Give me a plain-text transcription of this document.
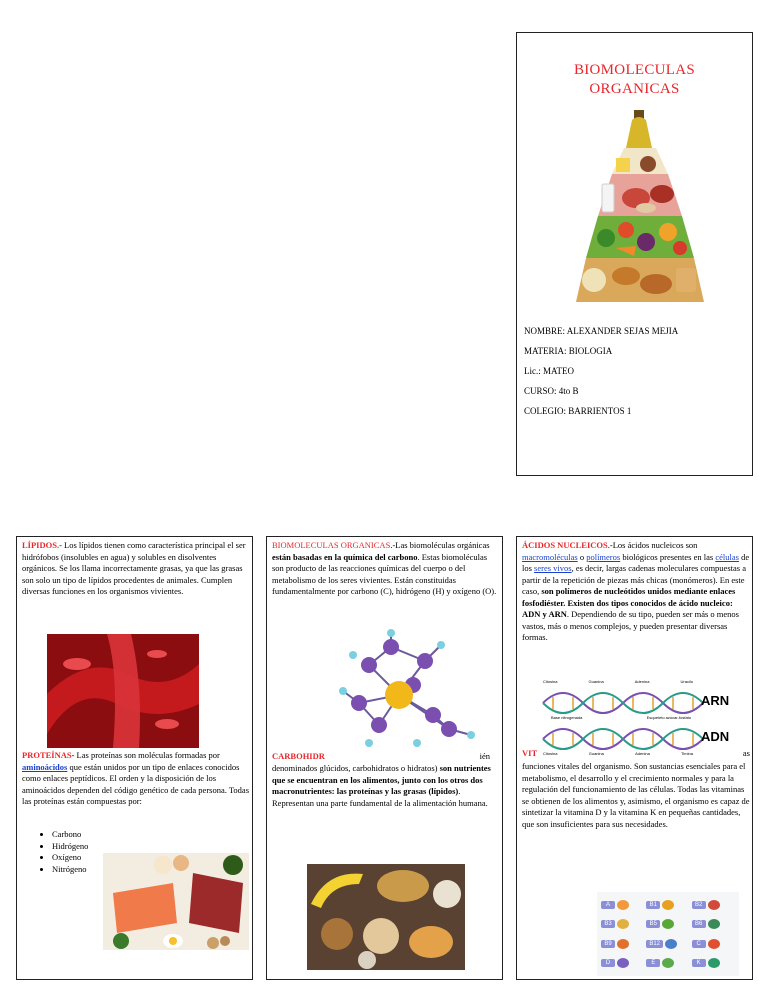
BIOMOLECULAS
ORGANICAS
NOMBRE: ALEXANDER SEJAS MEJIA
MATERIA: BIOLOGIA
Lic.: MATEO
CURSO: 4to B
COLEGIO: BARRIENTOS 1
LÍPIDOS.- Los lípidos tienen como característica principal el ser hidrófobos (insolubles en agua) y solubles en disolventes orgánicos. Se los llama incorrectamente grasas, ya que las grasas son solo un tipo de lípidos procedentes de animales. Cumplen diversas funciones en los organismos vivientes.
PROTEÍNAS- Las proteínas son moléculas formadas por aminoácidos que están unidos por un tipo de enlaces conocidos como enlaces peptídicos. El orden y la disposición de los aminoácidos dependen del código genético de cada persona. Todas las proteínas están compuestas por:
• Carbono
• Hidrógeno
• Oxígeno
• Nitrógeno
BIOMOLECULAS ORGANICAS.-Las biomoléculas orgánicas están basadas en la química del carbono. Estas biomoléculas son producto de las reacciones químicas del cuerpo o del metabolismo de los seres vivientes. Están constituidas fundamentalmente por carbono (C), hidrógeno (H) y oxígeno (O).
CARBOHIDR	ién
denominados glúcidos, carbohidratos o hidratos) son nutrientes que se encuentran en los alimentos, junto con los otros dos macronutrientes: las proteínas y las grasas (lípidos). Representan una parte fundamental de la alimentación humana.
ÁCIDOS NUCLEICOS.-Los ácidos nucleicos son macromoléculas o polímeros biológicos presentes en las células de los seres vivos, es decir, largas cadenas moleculares compuestas a partir de la repetición de piezas más chicas (monómeros). En este caso, son polímeros de nucleótidos unidos mediante enlaces fosfodiéster. Existen dos tipos conocidos de ácido nucleico: ADN y ARN. Dependiendo de su tipo, pueden ser más o menos vastos, más o menos complejos, y pueden presentar diversas formas.
Citosina	Guanina	Adenina	Uracilo
Base nitrogenada	Esqueleto azúcar-fosfato
Citosina	Guanina	Adenina	Timina
ARN
ADN
VIT	as
funciones vitales del organismo. Son sustancias esenciales para el metabolismo, el desarrollo y el crecimiento normales y para la regulación del funcionamiento de las células. Todas las vitaminas se obtienen de los alimentos y, asimismo, el organismo es capaz de sintetizar la vitamina D y la vitamina K en pequeñas cantidades, que son insuficientes para sus necesidades.
A	B1	B2
B3	B5	B6
B9	B12	C
D	E	K
